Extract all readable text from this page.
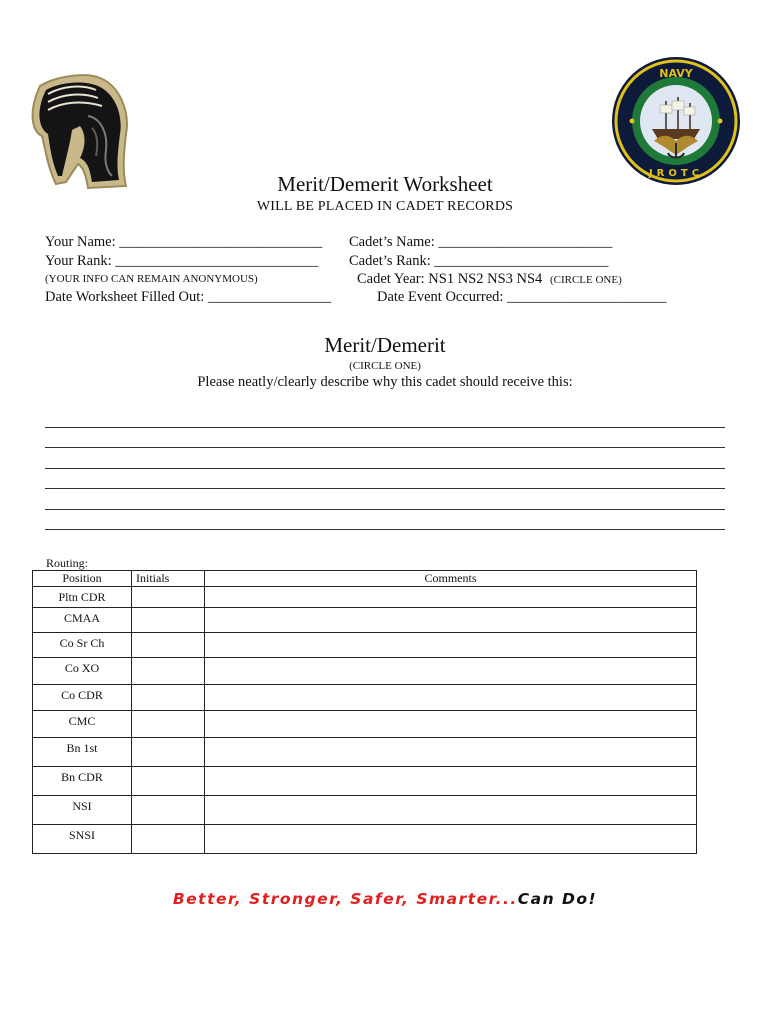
NAVY
JROTC
Merit/Demerit Worksheet
WILL BE PLACED IN CADET RECORDS
Your Name: ____________________________
Your Rank: ____________________________
(YOUR INFO CAN REMAIN ANONYMOUS)
Date Worksheet Filled Out: _________________
Cadet’s Name: ________________________
Cadet’s Rank: ________________________
Cadet Year: NS1 NS2 NS3 NS4 (CIRCLE ONE)
Date Event Occurred: ______________________
Merit/Demerit
(CIRCLE ONE)
Please neatly/clearly describe why this cadet should receive this:
Routing:
Position	Initials	Comments

Pltn CDR		

CMAA		

Co Sr Ch		

Co XO		

Co CDR		

CMC		

Bn 1st		

Bn CDR		

NSI		

SNSI		

Better, Stronger, Safer, Smarter...Can Do!
